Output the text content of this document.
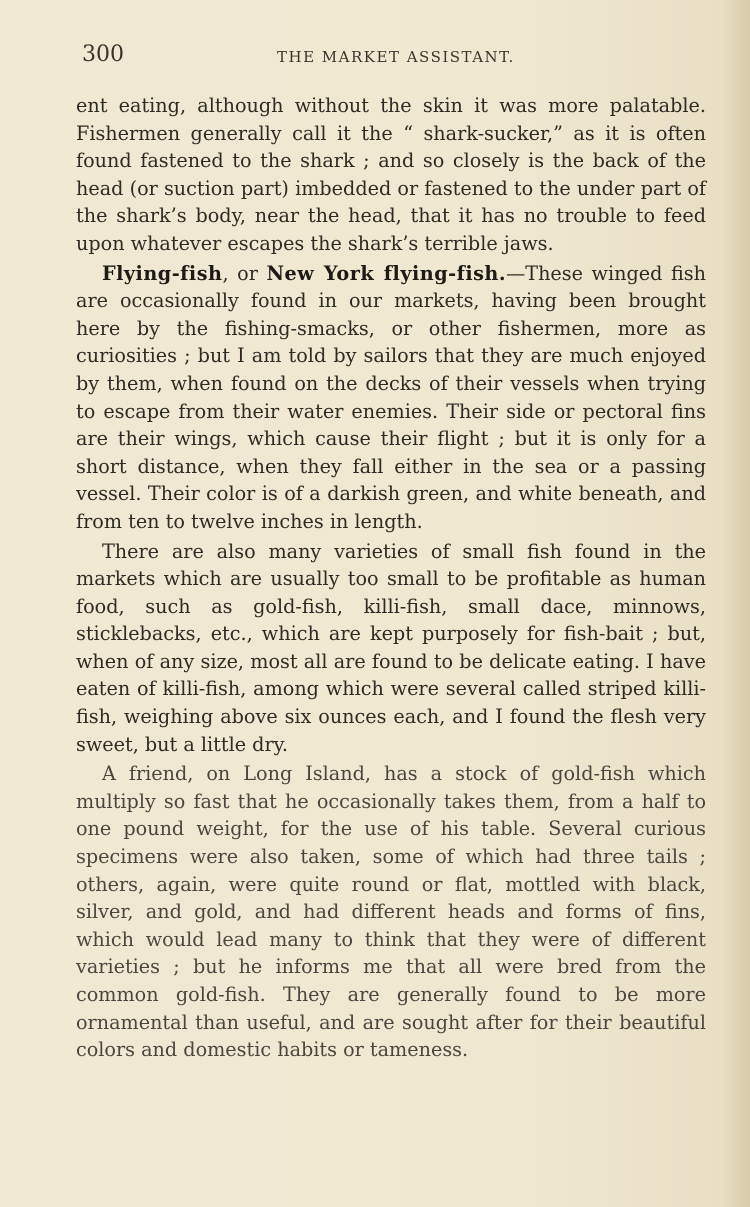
300	THE MARKET ASSISTANT.

ent eating, although without the skin it was more palatable. Fishermen generally call it the “ shark-sucker,” as it is often found fastened to the shark ; and so closely is the back of the head (or suction part) imbedded or fastened to the under part of the shark’s body, near the head, that it has no trouble to feed upon whatever escapes the shark’s terrible jaws.

Flying-fish, or New York flying-fish.—These winged fish are occasionally found in our markets, having been brought here by the fishing-smacks, or other fishermen, more as curiosities ; but I am told by sailors that they are much enjoyed by them, when found on the decks of their vessels when trying to escape from their water enemies. Their side or pectoral fins are their wings, which cause their flight ; but it is only for a short distance, when they fall either in the sea or a passing vessel. Their color is of a darkish green, and white beneath, and from ten to twelve inches in length.

There are also many varieties of small fish found in the markets which are usually too small to be profitable as human food, such as gold-fish, killi-fish, small dace, minnows, sticklebacks, etc., which are kept purposely for fish-bait ; but, when of any size, most all are found to be delicate eating. I have eaten of killi-fish, among which were several called striped killi-fish, weighing above six ounces each, and I found the flesh very sweet, but a little dry.

A friend, on Long Island, has a stock of gold-fish which multiply so fast that he occasionally takes them, from a half to one pound weight, for the use of his table. Several curious specimens were also taken, some of which had three tails ; others, again, were quite round or flat, mottled with black, silver, and gold, and had different heads and forms of fins, which would lead many to think that they were of different varieties ; but he informs me that all were bred from the common gold-fish. They are generally found to be more ornamental than useful, and are sought after for their beautiful colors and domestic habits or tameness.
